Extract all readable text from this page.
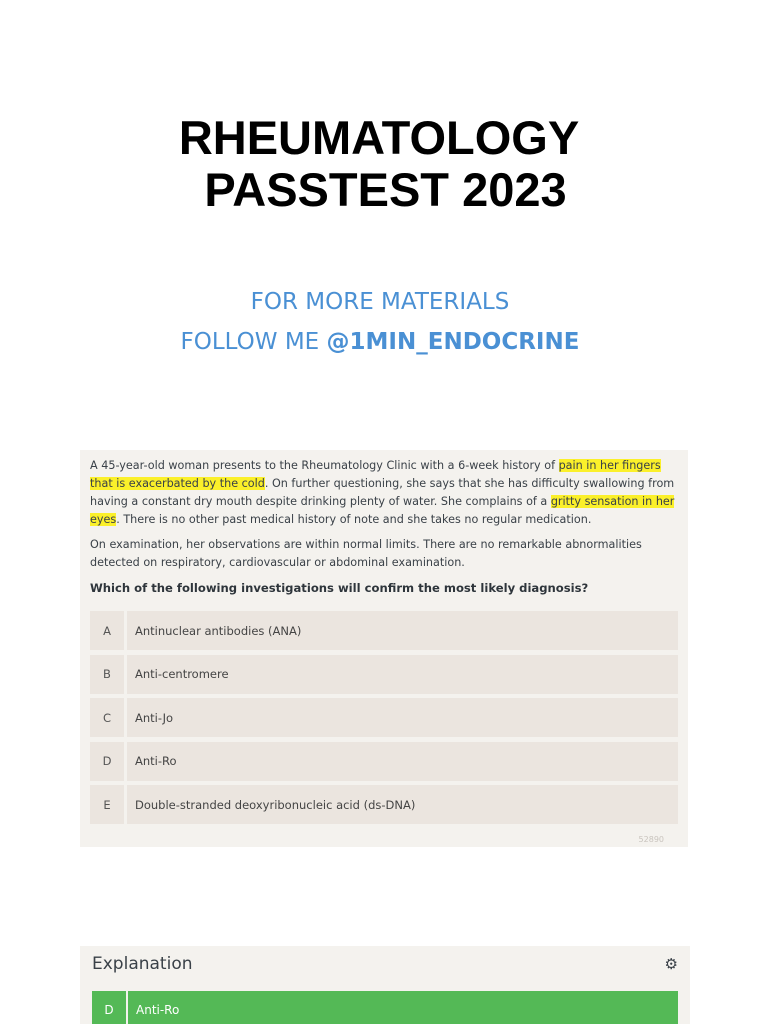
RHEUMATOLOGY
PASSTEST 2023
FOR MORE MATERIALS
FOLLOW ME @1MIN_ENDOCRINE

A 45-year-old woman presents to the Rheumatology Clinic with a 6-week history of pain in her fingers that is exacerbated by the cold. On further questioning, she says that she has difficulty swallowing from having a constant dry mouth despite drinking plenty of water. She complains of a gritty sensation in her eyes. There is no other past medical history of note and she takes no regular medication.

On examination, her observations are within normal limits. There are no remarkable abnormalities detected on respiratory, cardiovascular or abdominal examination.

Which of the following investigations will confirm the most likely diagnosis?

A	Antinuclear antibodies (ANA)
B	Anti-centromere
C	Anti-Jo
D	Anti-Ro
E	Double-stranded deoxyribonucleic acid (ds-DNA)
52890
Explanation	⚙
D	Anti-Ro
